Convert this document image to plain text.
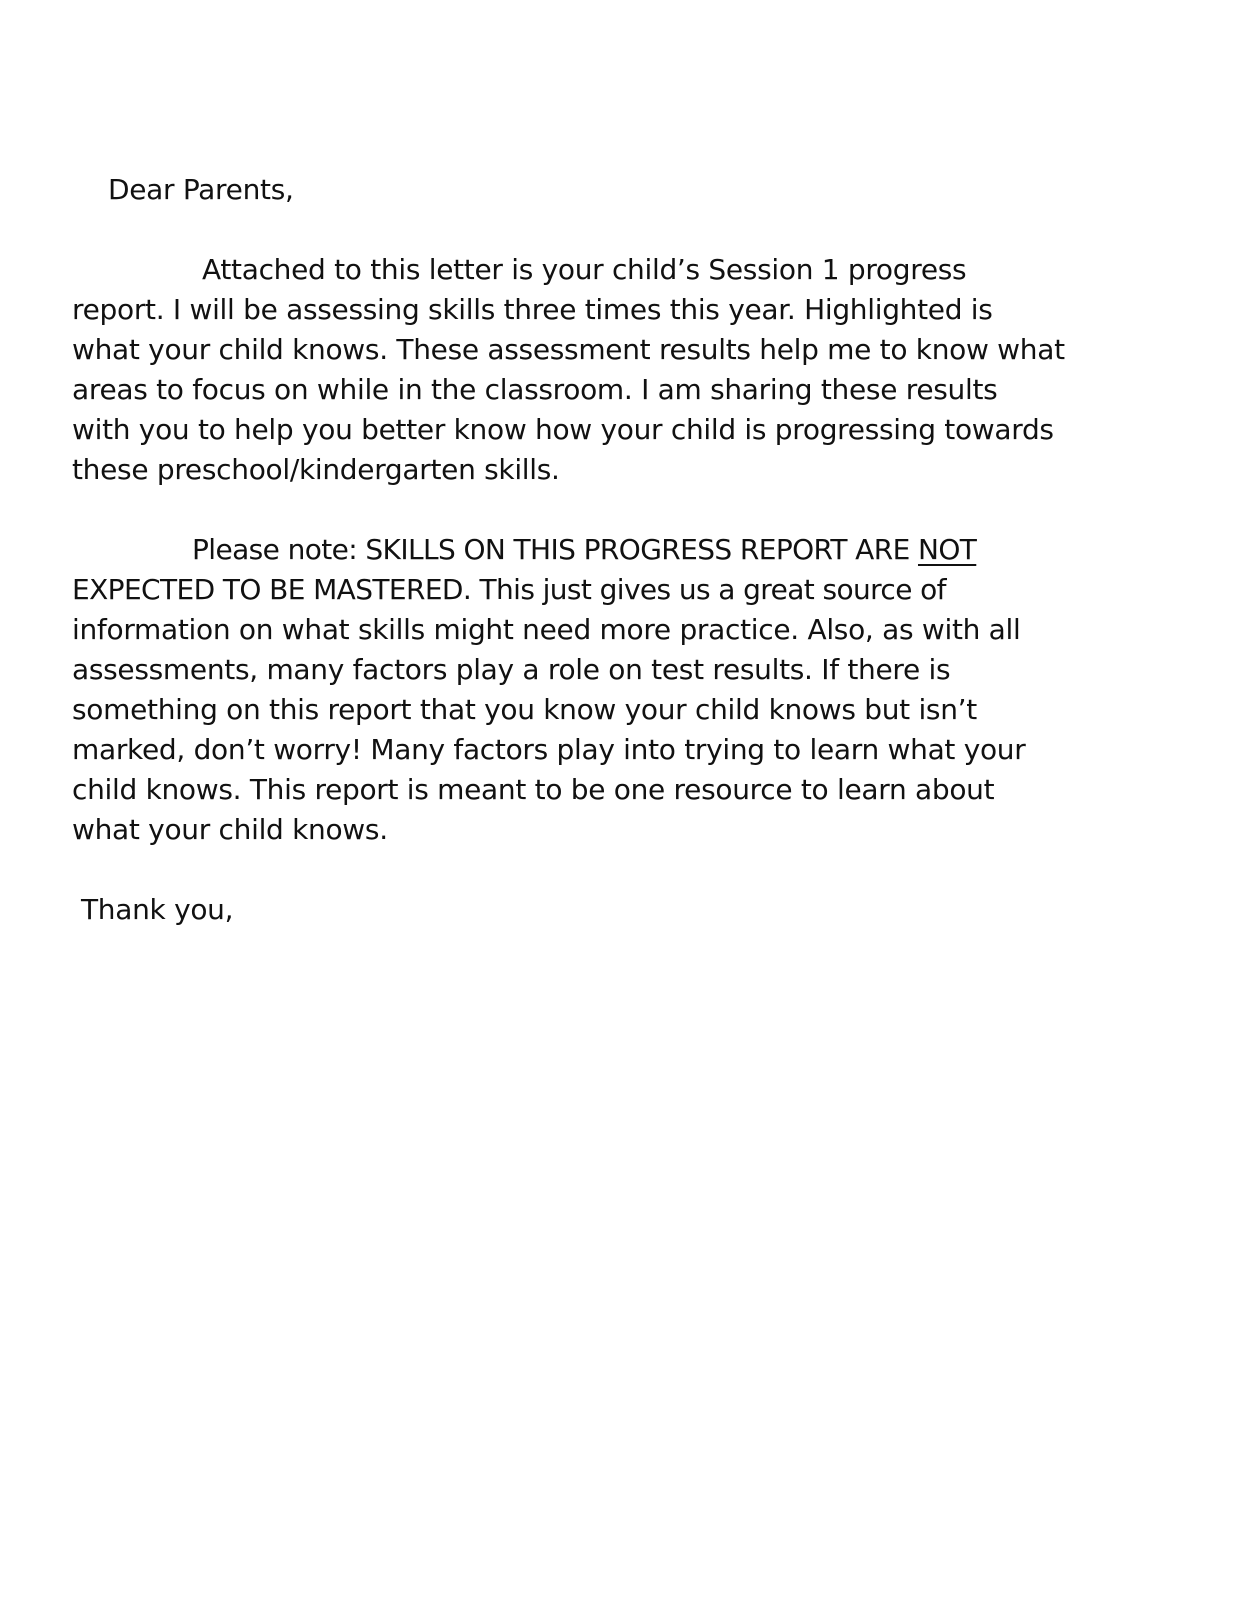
Dear Parents,

Attached to this letter is your child’s Session 1 progress

report. I will be assessing skills three times this year. Highlighted is

what your child knows. These assessment results help me to know what

areas to focus on while in the classroom. I am sharing these results

with you to help you better know how your child is progressing towards

these preschool/kindergarten skills.

Please note: SKILLS ON THIS PROGRESS REPORT ARE NOT

EXPECTED TO BE MASTERED. This just gives us a great source of

information on what skills might need more practice. Also, as with all

assessments, many factors play a role on test results. If there is

something on this report that you know your child knows but isn’t

marked, don’t worry! Many factors play into trying to learn what your

child knows. This report is meant to be one resource to learn about

what your child knows.

Thank you,
